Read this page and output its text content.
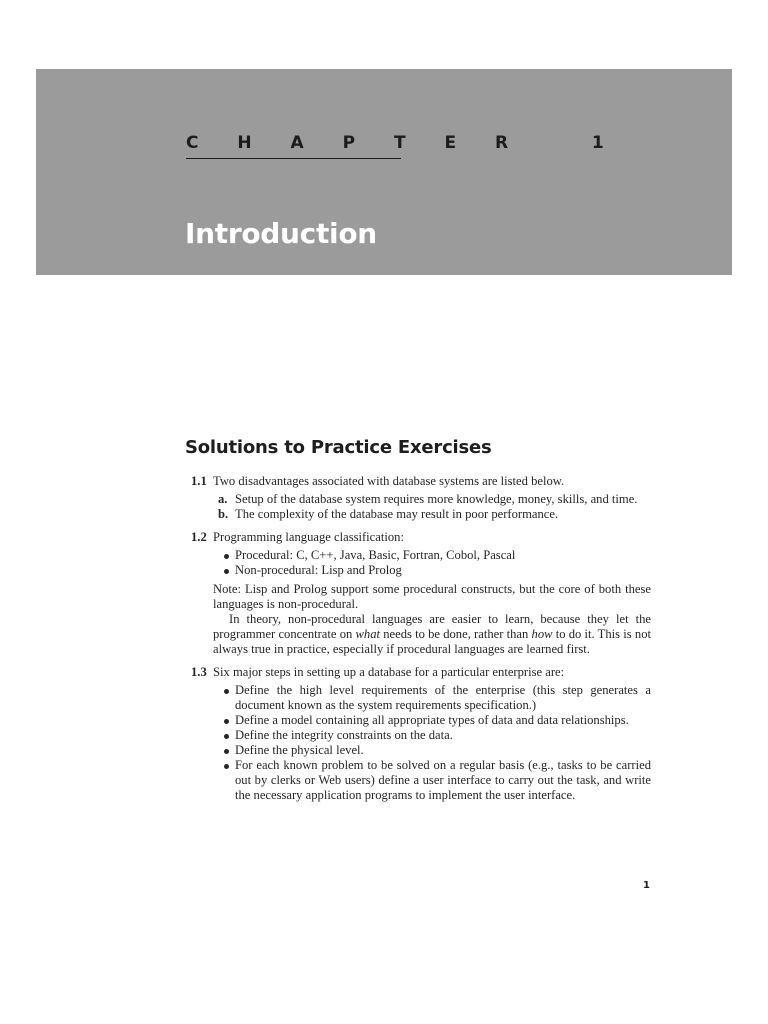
C H A P T E R   1
Introduction
Solutions to Practice Exercises
1.1 Two disadvantages associated with database systems are listed below.
a. Setup of the database system requires more knowledge, money, skills, and time.
b. The complexity of the database may result in poor performance.
1.2 Programming language classification:
Procedural: C, C++, Java, Basic, Fortran, Cobol, Pascal
Non-procedural: Lisp and Prolog
Note: Lisp and Prolog support some procedural constructs, but the core of both these languages is non-procedural.
In theory, non-procedural languages are easier to learn, because they let the programmer concentrate on what needs to be done, rather than how to do it. This is not always true in practice, especially if procedural languages are learned first.
1.3 Six major steps in setting up a database for a particular enterprise are:
Define the high level requirements of the enterprise (this step generates a document known as the system requirements specification.)
Define a model containing all appropriate types of data and data relationships.
Define the integrity constraints on the data.
Define the physical level.
For each known problem to be solved on a regular basis (e.g., tasks to be carried out by clerks or Web users) define a user interface to carry out the task, and write the necessary application programs to implement the user interface.
1
